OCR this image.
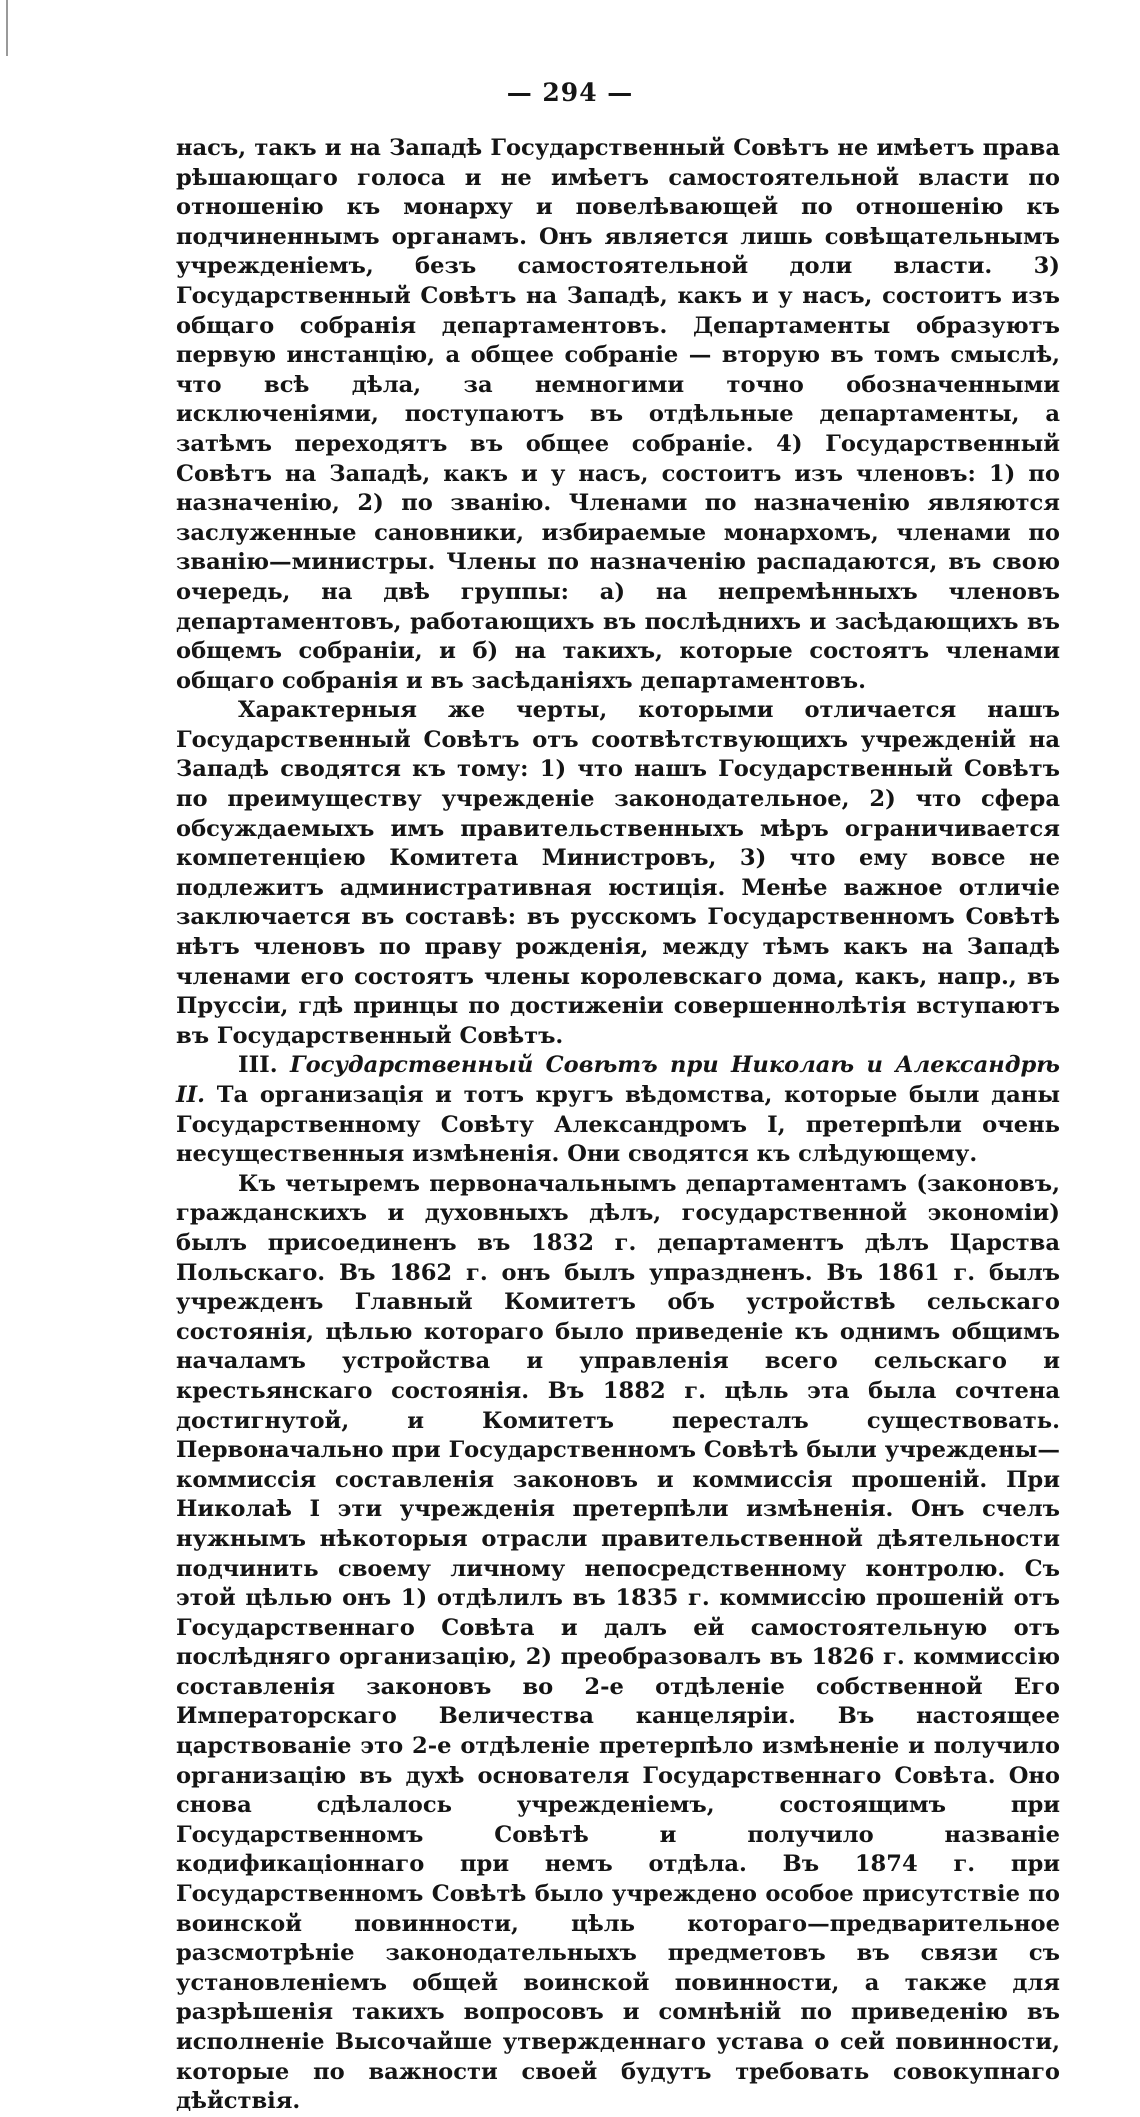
— 294 —

насъ, такъ и на Западѣ Государственный Совѣтъ не имѣетъ права рѣшающаго голоса и не имѣетъ самостоятельной власти по отношенію къ монарху и повелѣвающей по отношенію къ подчиненнымъ органамъ. Онъ является лишь совѣщательнымъ учрежденіемъ, безъ самостоятельной доли власти. 3) Государственный Совѣтъ на Западѣ, какъ и у насъ, состоитъ изъ общаго собранія департаментовъ. Департаменты образуютъ первую инстанцію, а общее собраніе — вторую въ томъ смыслѣ, что всѣ дѣла, за немногими точно обозначенными исключеніями, поступаютъ въ отдѣльные департаменты, а затѣмъ переходятъ въ общее собраніе. 4) Государственный Совѣтъ на Западѣ, какъ и у насъ, состоитъ изъ членовъ: 1) по назначенію, 2) по званію. Членами по назначенію являются заслуженные сановники, избираемые монархомъ, членами по званію—министры. Члены по назначенію распадаются, въ свою очередь, на двѣ группы: а) на непремѣнныхъ членовъ департаментовъ, работающихъ въ послѣднихъ и засѣдающихъ въ общемъ собраніи, и б) на такихъ, которые состоятъ членами общаго собранія и въ засѣданіяхъ департаментовъ.

Характерныя же черты, которыми отличается нашъ Государственный Совѣтъ отъ соотвѣтствующихъ учрежденій на Западѣ сводятся къ тому: 1) что нашъ Государственный Совѣтъ по преимуществу учрежденіе законодательное, 2) что сфера обсуждаемыхъ имъ правительственныхъ мѣръ ограничивается компетенціею Комитета Министровъ, 3) что ему вовсе не подлежитъ административная юстиція. Менѣе важное отличіе заключается въ составѣ: въ русскомъ Государственномъ Совѣтѣ нѣтъ членовъ по праву рожденія, между тѣмъ какъ на Западѣ членами его состоятъ члены королевскаго дома, какъ, напр., въ Пруссіи, гдѣ принцы по достиженіи совершеннолѣтія вступаютъ въ Государственный Совѣтъ.

III. Государственный Совѣтъ при Николаѣ и Александрѣ II. Та организація и тотъ кругъ вѣдомства, которые были даны Государственному Совѣту Александромъ I, претерпѣли очень несущественныя измѣненія. Они сводятся къ слѣдующему.

Къ четыремъ первоначальнымъ департаментамъ (законовъ, гражданскихъ и духовныхъ дѣлъ, государственной экономіи) былъ присоединенъ въ 1832 г. департаментъ дѣлъ Царства Польскаго. Въ 1862 г. онъ былъ упраздненъ. Въ 1861 г. былъ учрежденъ Главный Комитетъ объ устройствѣ сельскаго состоянія, цѣлью котораго было приведеніе къ однимъ общимъ началамъ устройства и управленія всего сельскаго и крестьянскаго состоянія. Въ 1882 г. цѣль эта была сочтена достигнутой, и Комитетъ пересталъ существовать. Первоначально при Государственномъ Совѣтѣ были учреждены—коммиссія составленія законовъ и коммиссія прошеній. При Николаѣ I эти учрежденія претерпѣли измѣненія. Онъ счелъ нужнымъ нѣкоторыя отрасли правительственной дѣятельности подчинить своему личному непосредственному контролю. Съ этой цѣлью онъ 1) отдѣлилъ въ 1835 г. коммиссію прошеній отъ Государственнаго Совѣта и далъ ей самостоятельную отъ послѣдняго организацію, 2) преобразовалъ въ 1826 г. коммиссію составленія законовъ во 2-е отдѣленіе собственной Его Императорскаго Величества канцеляріи. Въ настоящее царствованіе это 2-е отдѣленіе претерпѣло измѣненіе и получило организацію въ духѣ основателя Государственнаго Совѣта. Оно снова сдѣлалось учрежденіемъ, состоящимъ при Государственномъ Совѣтѣ и получило названіе кодификаціоннаго при немъ отдѣла. Въ 1874 г. при Государственномъ Совѣтѣ было учреждено особое присутствіе по воинской повинности, цѣль котораго—предварительное разсмотрѣніе законодательныхъ предметовъ въ связи съ установленіемъ общей воинской повинности, а также для разрѣшенія такихъ вопросовъ и сомнѣній по приведенію въ исполненіе Высочайше утвержденнаго устава о сей повинности, которые по важности своей будутъ требовать совокупнаго дѣйствія.
